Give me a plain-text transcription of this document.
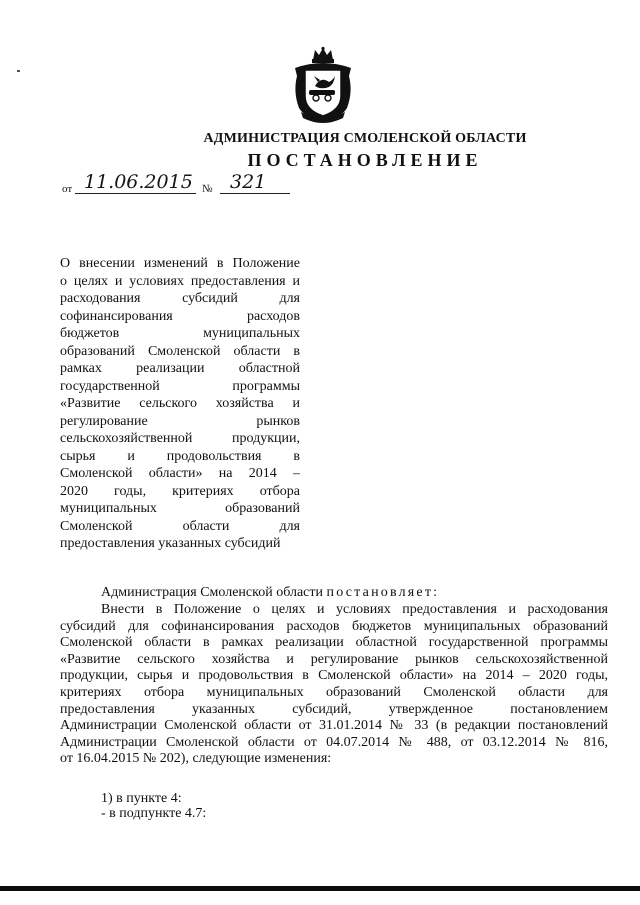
АДМИНИСТРАЦИЯ СМОЛЕНСКОЙ ОБЛАСТИ
ПОСТАНОВЛЕНИЕ
от 11.06.2015 № 321
О внесении изменений в Положение
о целях и условиях предоставления и
расходования субсидий для
софинансирования расходов
бюджетов муниципальных
образований Смоленской области в
рамках реализации областной
государственной программы
«Развитие сельского хозяйства и
регулирование рынков
сельскохозяйственной продукции,
сырья и продовольствия в
Смоленской области» на 2014 –
2020 годы, критериях отбора
муниципальных образований
Смоленской области для
предоставления указанных субсидий
Администрация Смоленской области постановляет:
Внести в Положение о целях и условиях предоставления и расходования
субсидий для софинансирования расходов бюджетов муниципальных образований
Смоленской области в рамках реализации областной государственной программы
«Развитие сельского хозяйства и регулирование рынков сельскохозяйственной
продукции, сырья и продовольствия в Смоленской области» на 2014 – 2020 годы,
критериях отбора муниципальных образований Смоленской области для
предоставления указанных субсидий, утвержденное постановлением
Администрации Смоленской области от 31.01.2014 № 33 (в редакции постановлений
Администрации Смоленской области от 04.07.2014 № 488, от 03.12.2014 № 816,
от 16.04.2015 № 202), следующие изменения:
1) в пункте 4:
- в подпункте 4.7:
